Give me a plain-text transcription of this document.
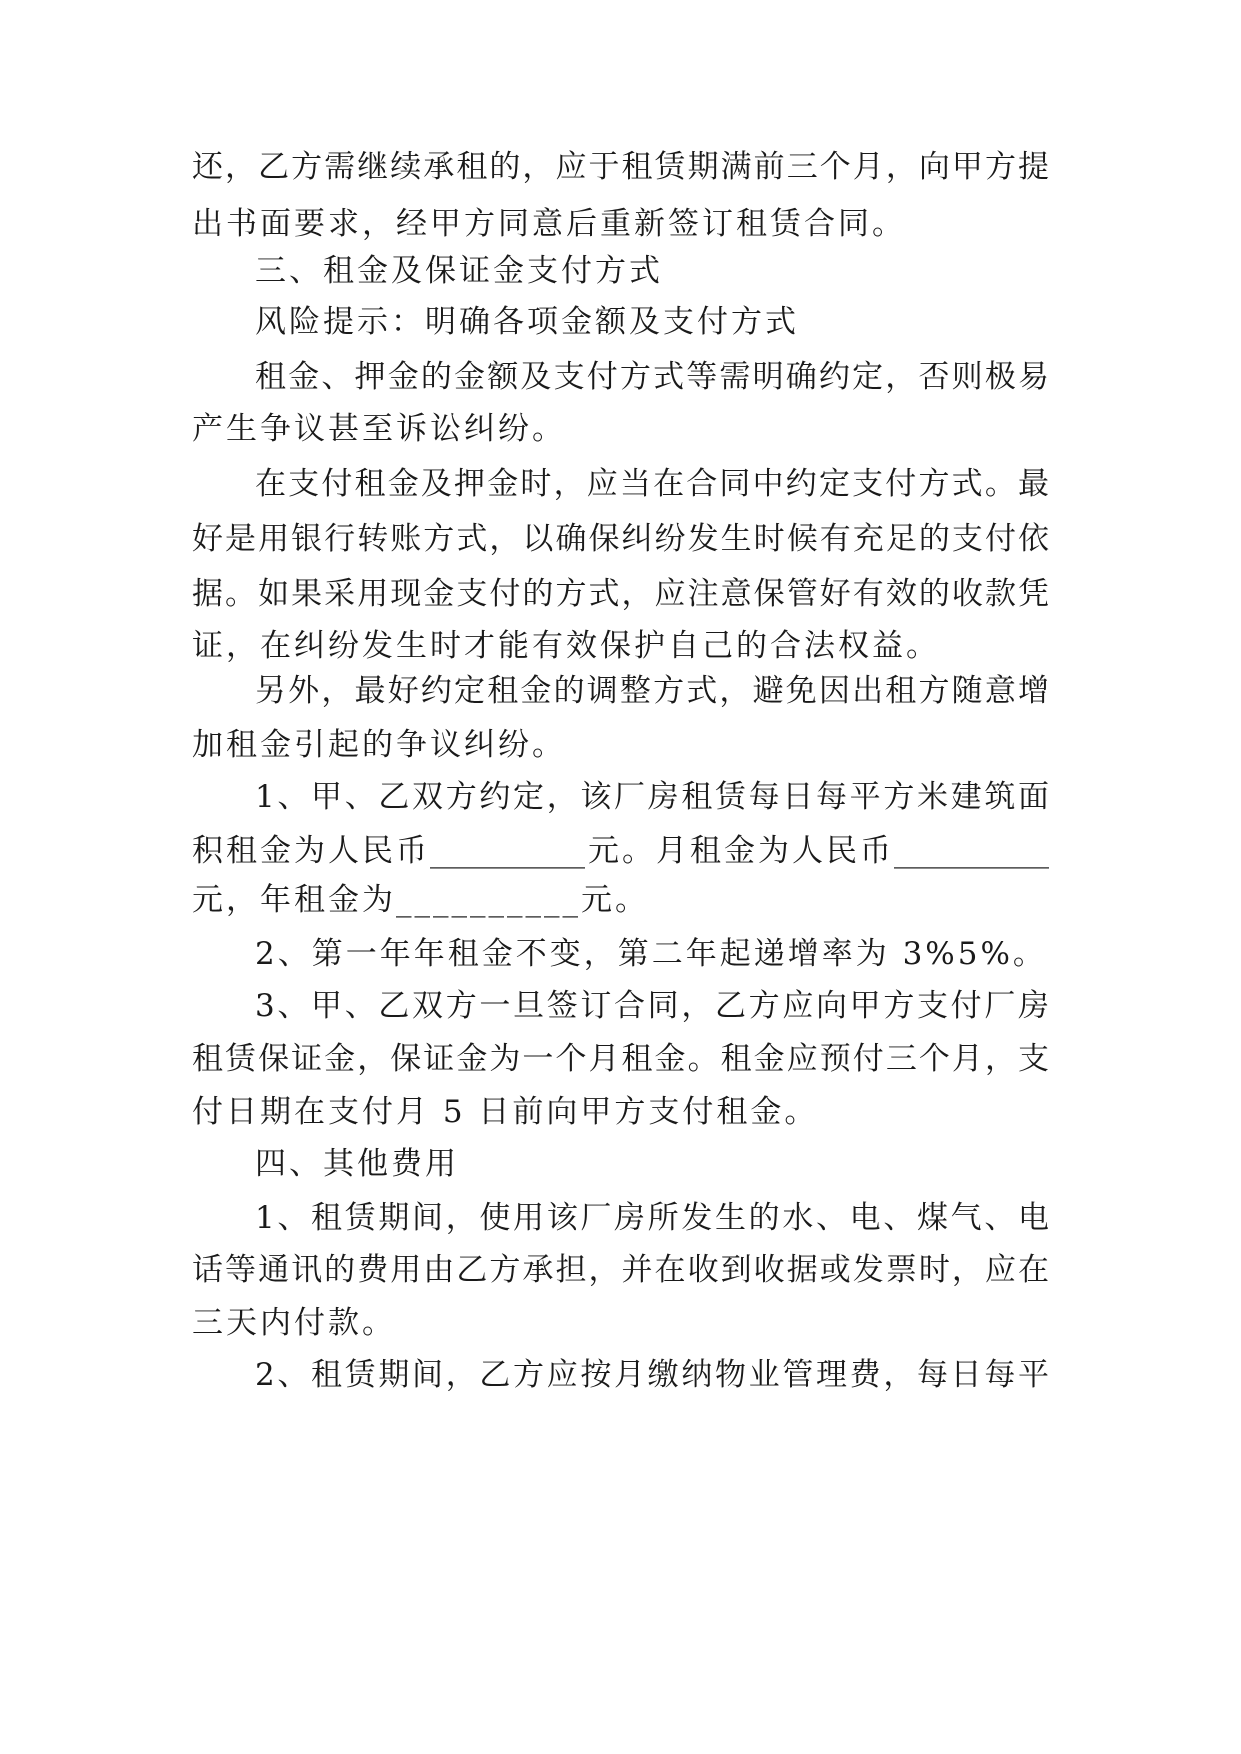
还，乙方需继续承租的，应于租赁期满前三个月，向甲方提
出书面要求，经甲方同意后重新签订租赁合同。
三、租金及保证金支付方式
风险提示：明确各项金额及支付方式
租金、押金的金额及支付方式等需明确约定，否则极易
产生争议甚至诉讼纠纷。
在支付租金及押金时，应当在合同中约定支付方式。最
好是用银行转账方式，以确保纠纷发生时候有充足的支付依
据。如果采用现金支付的方式，应注意保管好有效的收款凭
证，在纠纷发生时才能有效保护自己的合法权益。
另外，最好约定租金的调整方式，避免因出租方随意增
加租金引起的争议纠纷。
1、甲、乙双方约定，该厂房租赁每日每平方米建筑面
积租金为人民币__________元。月租金为人民币__________
元，年租金为__________元。
2、第一年年租金不变，第二年起递增率为 3%5%。
3、甲、乙双方一旦签订合同，乙方应向甲方支付厂房
租赁保证金，保证金为一个月租金。租金应预付三个月，支
付日期在支付月 5 日前向甲方支付租金。
四、其他费用
1、租赁期间，使用该厂房所发生的水、电、煤气、电
话等通讯的费用由乙方承担，并在收到收据或发票时，应在
三天内付款。
2、租赁期间，乙方应按月缴纳物业管理费，每日每平
